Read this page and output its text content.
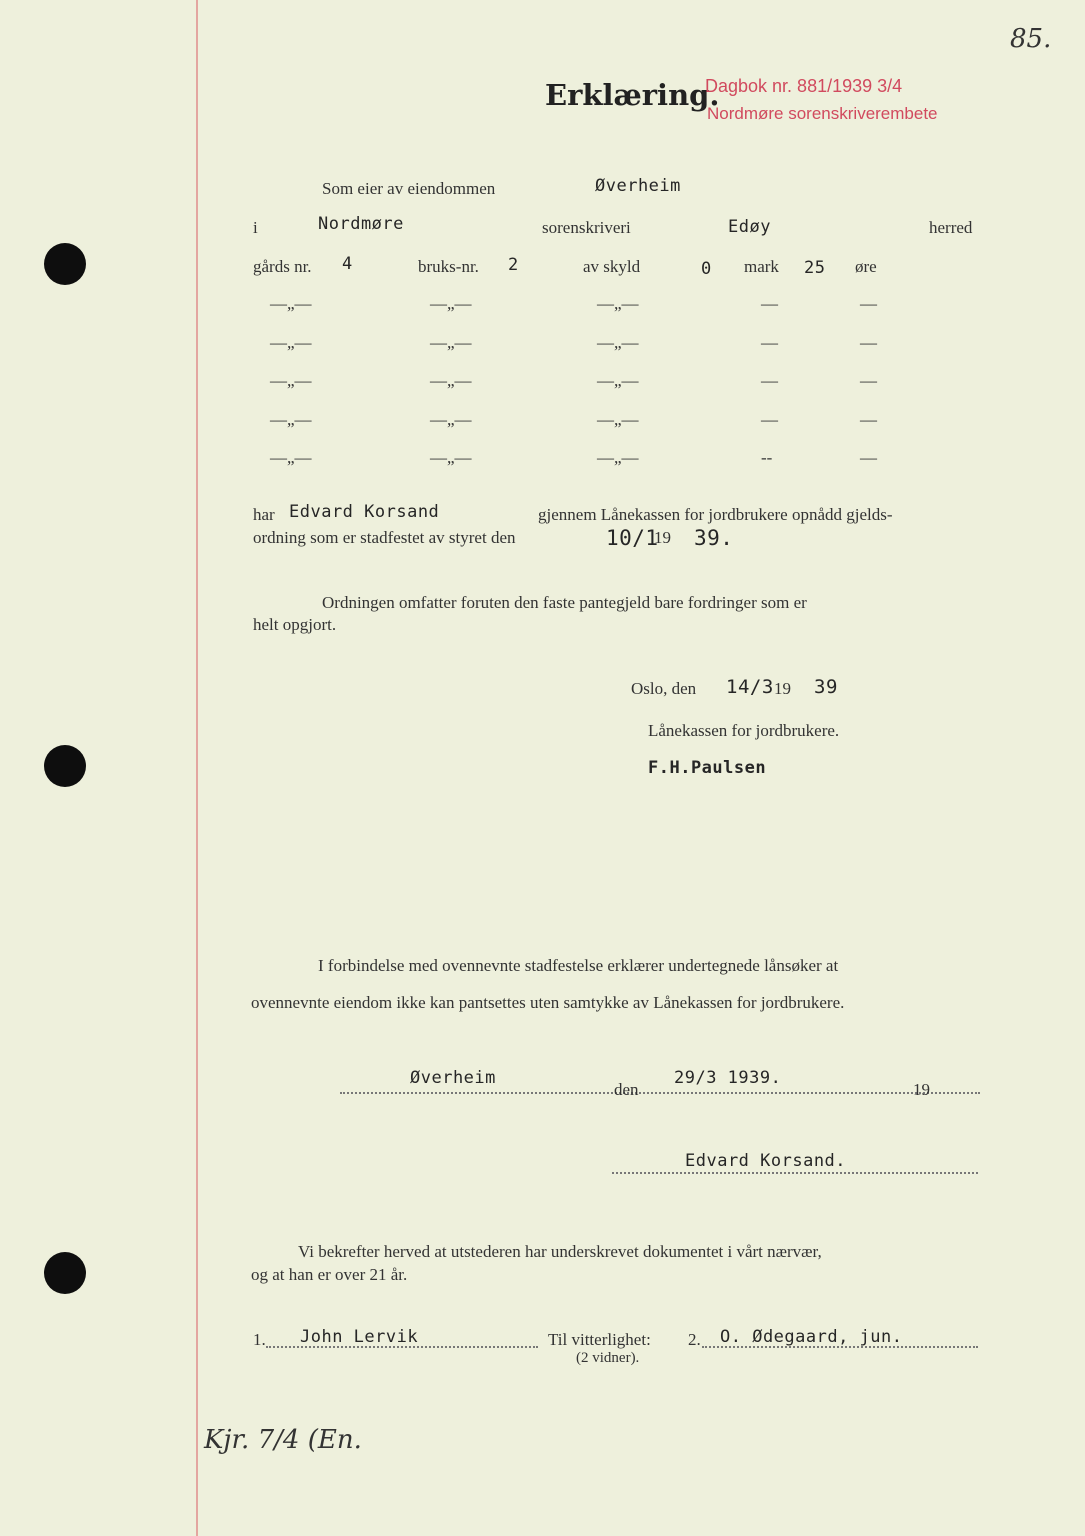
85.
Erklæring.
Dagbok nr. 881/1939 3/4
Nordmøre sorenskriverembete
Som eier av eiendommen	Øverheim
i	Nordmøre	sorenskriveri	Edøy	herred
gårds nr. 4	bruks-nr. 2	av skyld	0 mark 25 øre
—„—	—„—	—„—	—	—
—„—	—„—	—„—	—	—
—„—	—„—	—„—	—	—
—„—	—„—	—„—	—	—
—„—	—„—	—„—	--	—
har Edvard Korsand	gjennem Lånekassen for jordbrukere opnådd gjelds-
ordning som er stadfestet av styret den	10/1
19 39.
Ordningen omfatter foruten den faste pantegjeld bare fordringer som er
helt opgjort.
Oslo, den 14/3 19 39
Lånekassen for jordbrukere.
F.H.Paulsen
I forbindelse med ovennevnte stadfestelse erklærer undertegnede lånsøker at
ovennevnte eiendom ikke kan pantsettes uten samtykke av Lånekassen for jordbrukere.
Øverheim
den
29/3 1939.
19
Edvard Korsand.
Vi bekrefter herved at utstederen har underskrevet dokumentet i vårt nærvær,
og at han er over 21 år.
1. John Lervik	Til vitterlighet: 2. O. Ødegaard, jun.
(2 vidner).
Kjr. 7/4 (En.
